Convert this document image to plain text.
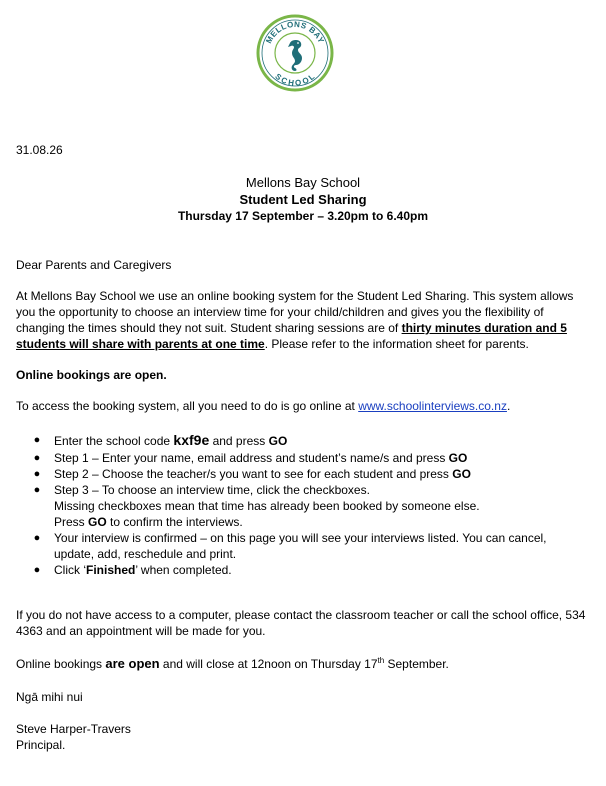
MELLONS BAY
SCHOOL
31.08.26
Mellons Bay School
Student Led Sharing
Thursday 17 September – 3.20pm to 6.40pm
Dear Parents and Caregivers
At Mellons Bay School we use an online booking system for the Student Led Sharing. This system allows you the opportunity to choose an interview time for your child/children and gives you the flexibility of changing the times should they not suit. Student sharing sessions are of thirty minutes duration and 5 students will share with parents at one time. Please refer to the information sheet for parents.
Online bookings are open.
To access the booking system, all you need to do is go online at www.schoolinterviews.co.nz.
● Enter the school code kxf9e and press GO
● Step 1 – Enter your name, email address and student’s name/s and press GO
● Step 2 – Choose the teacher/s you want to see for each student and press GO
● Step 3 – To choose an interview time, click the checkboxes.
Missing checkboxes mean that time has already been booked by someone else.
Press GO to confirm the interviews.
● Your interview is confirmed – on this page you will see your interviews listed. You can cancel, update, add, reschedule and print.
● Click ‘Finished’ when completed.
If you do not have access to a computer, please contact the classroom teacher or call the school office, 534 4363 and an appointment will be made for you.
Online bookings are open and will close at 12noon on Thursday 17th September.
Ngā mihi nui
Steve Harper-Travers
Principal.
